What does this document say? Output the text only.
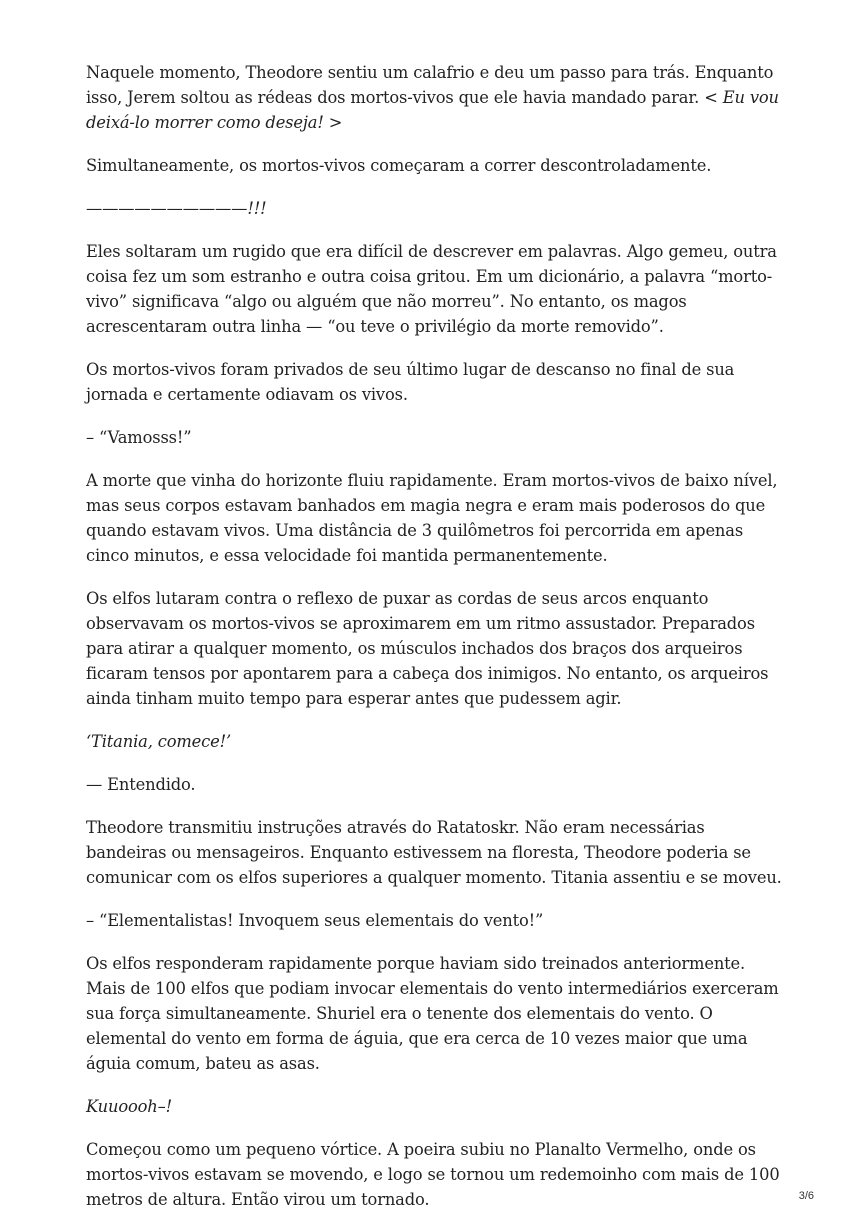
Naquele momento, Theodore sentiu um calafrio e deu um passo para trás. Enquanto isso, Jerem soltou as rédeas dos mortos-vivos que ele havia mandado parar. < Eu vou deixá-lo morrer como deseja! >

Simultaneamente, os mortos-vivos começaram a correr descontroladamente.

——————————!!!

Eles soltaram um rugido que era difícil de descrever em palavras. Algo gemeu, outra coisa fez um som estranho e outra coisa gritou. Em um dicionário, a palavra “morto-vivo” significava “algo ou alguém que não morreu”. No entanto, os magos acrescentaram outra linha — “ou teve o privilégio da morte removido”.

Os mortos-vivos foram privados de seu último lugar de descanso no final de sua jornada e certamente odiavam os vivos.

– “Vamosss!”

A morte que vinha do horizonte fluiu rapidamente. Eram mortos-vivos de baixo nível, mas seus corpos estavam banhados em magia negra e eram mais poderosos do que quando estavam vivos. Uma distância de 3 quilômetros foi percorrida em apenas cinco minutos, e essa velocidade foi mantida permanentemente.

Os elfos lutaram contra o reflexo de puxar as cordas de seus arcos enquanto observavam os mortos-vivos se aproximarem em um ritmo assustador. Preparados para atirar a qualquer momento, os músculos inchados dos braços dos arqueiros ficaram tensos por apontarem para a cabeça dos inimigos. No entanto, os arqueiros ainda tinham muito tempo para esperar antes que pudessem agir.

‘Titania, comece!’

— Entendido.

Theodore transmitiu instruções através do Ratatoskr. Não eram necessárias bandeiras ou mensageiros. Enquanto estivessem na floresta, Theodore poderia se comunicar com os elfos superiores a qualquer momento. Titania assentiu e se moveu.

– “Elementalistas! Invoquem seus elementais do vento!”

Os elfos responderam rapidamente porque haviam sido treinados anteriormente. Mais de 100 elfos que podiam invocar elementais do vento intermediários exerceram sua força simultaneamente. Shuriel era o tenente dos elementais do vento. O elemental do vento em forma de águia, que era cerca de 10 vezes maior que uma águia comum, bateu as asas.

Kuuoooh–!

Começou como um pequeno vórtice. A poeira subiu no Planalto Vermelho, onde os mortos-vivos estavam se movendo, e logo se tornou um redemoinho com mais de 100 metros de altura. Então virou um tornado.	3/6
